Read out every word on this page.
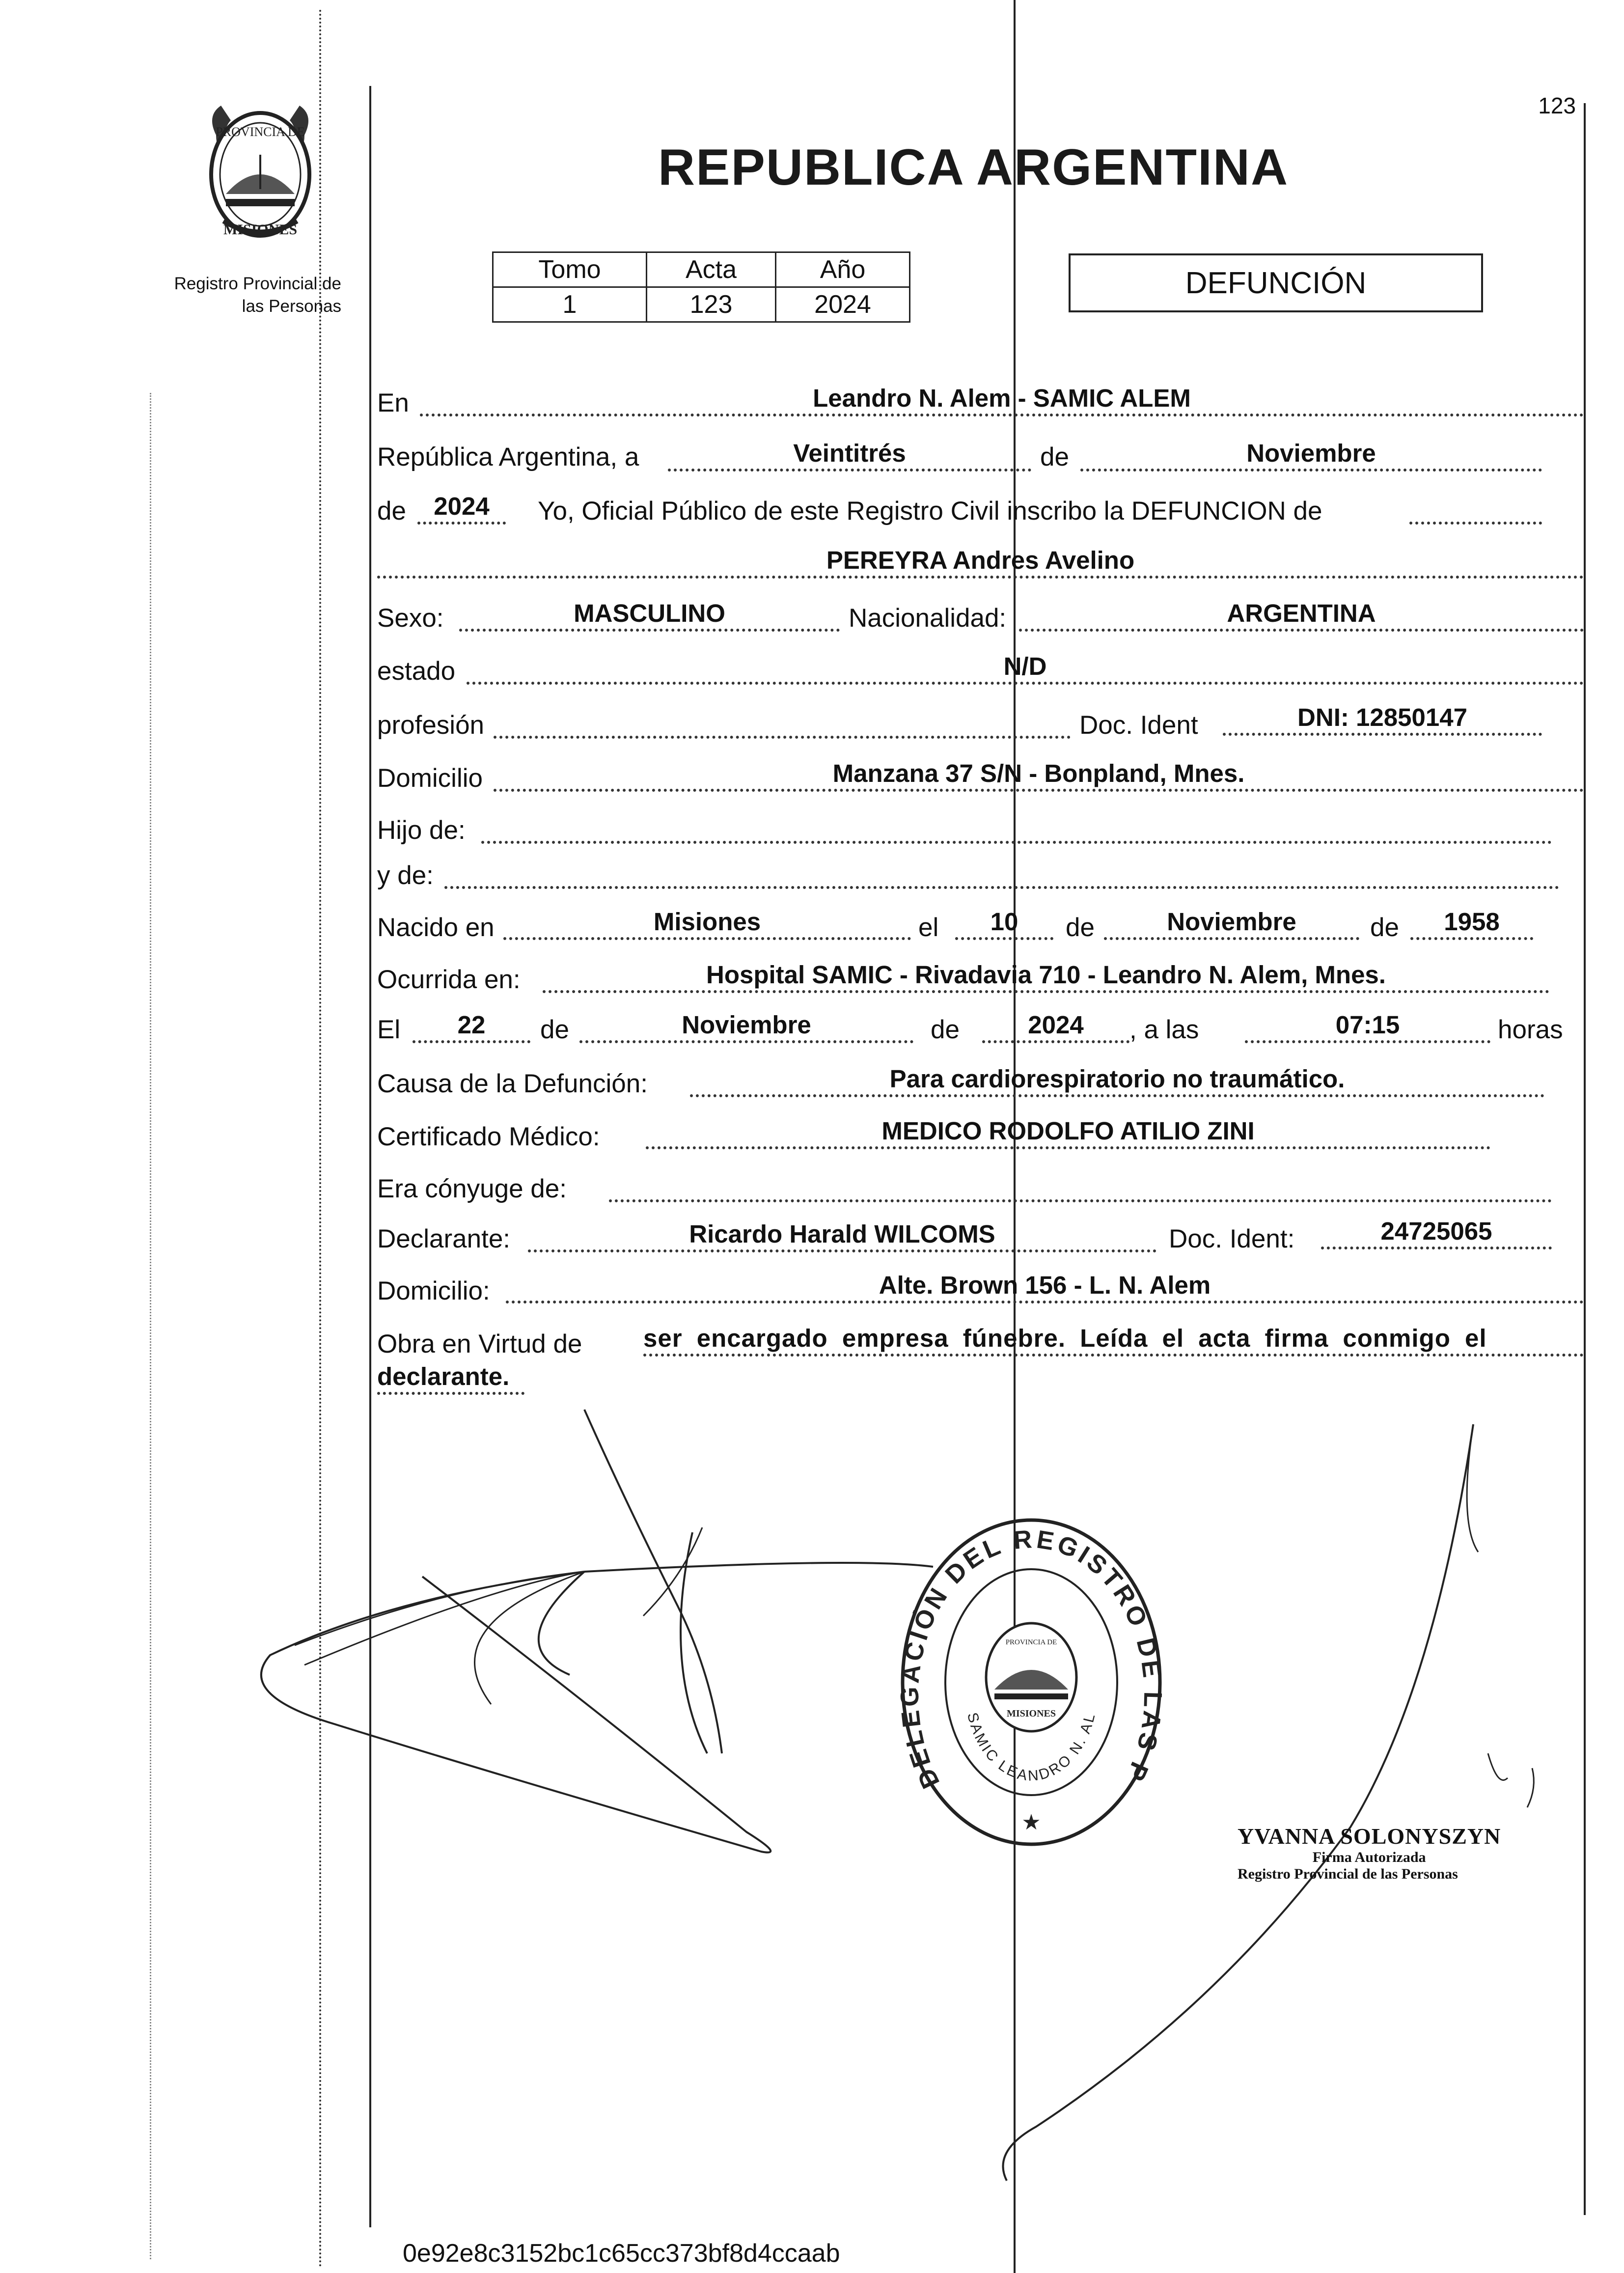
123
PROVINCIA DE
MISIONES
Registro Provincial de
las Personas
REPUBLICA ARGENTINA
Tomo	Acta	Año
1	123	2024
DEFUNCIÓN
En	Leandro N. Alem - SAMIC ALEM
República Argentina, a	Veintitrés	de	Noviembre
de	2024	Yo, Oficial Público de este Registro Civil inscribo la DEFUNCION de
PEREYRA Andres Avelino
Sexo:	MASCULINO	Nacionalidad:	ARGENTINA
estado	N/D
profesión	Doc. Ident	DNI: 12850147
Domicilio	Manzana 37 S/N - Bonpland, Mnes.
Hijo de:
y de:
Nacido en	Misiones	el	10	de	Noviembre	de	1958
Ocurrida en:	Hospital SAMIC - Rivadavia 710 - Leandro N. Alem, Mnes.
El	22	de	Noviembre	de	2024	, a las	07:15	horas
Causa de la Defunción:	Para cardiorespiratorio no traumático.
Certificado Médico:	MEDICO RODOLFO ATILIO ZINI
Era cónyuge de:
Declarante:	Ricardo Harald WILCOMS	Doc. Ident:	24725065
Domicilio:	Alte. Brown 156 - L. N. Alem
Obra en Virtud de ser encargado empresa fúnebre. Leída el acta firma conmigo el
declarante.
DELEGACIÓN DEL REGISTRO DE LAS P
SAMIC LEANDRO N. AL
PROVINCIA DE
MISIONES
★
YVANNA SOLONYSZYN
Firma Autorizada
Registro Provincial de las Personas
0e92e8c3152bc1c65cc373bf8d4ccaab
